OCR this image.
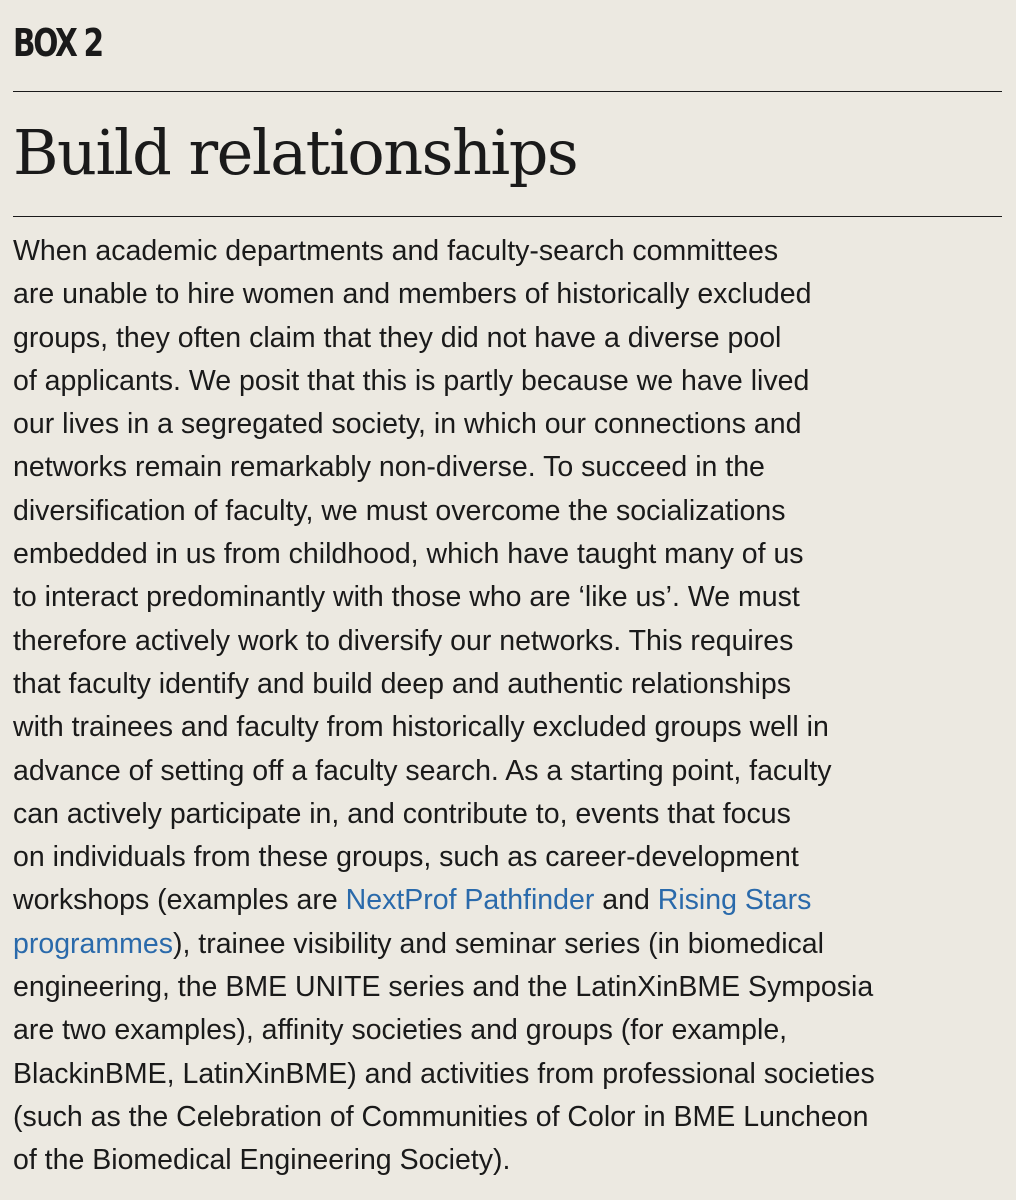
BOX 2
Build relationships
When academic departments and faculty-search committees
are unable to hire women and members of historically excluded
groups, they often claim that they did not have a diverse pool
of applicants. We posit that this is partly because we have lived
our lives in a segregated society, in which our connections and
networks remain remarkably non-diverse. To succeed in the
diversification of faculty, we must overcome the socializations
embedded in us from childhood, which have taught many of us
to interact predominantly with those who are ‘like us’. We must
therefore actively work to diversify our networks. This requires
that faculty identify and build deep and authentic relationships
with trainees and faculty from historically excluded groups well in
advance of setting off a faculty search. As a starting point, faculty
can actively participate in, and contribute to, events that focus
on individuals from these groups, such as career-development
workshops (examples are NextProf Pathfinder and Rising Stars
programmes), trainee visibility and seminar series (in biomedical
engineering, the BME UNITE series and the LatinXinBME Symposia
are two examples), affinity societies and groups (for example,
BlackinBME, LatinXinBME) and activities from professional societies
(such as the Celebration of Communities of Color in BME Luncheon
of the Biomedical Engineering Society).
